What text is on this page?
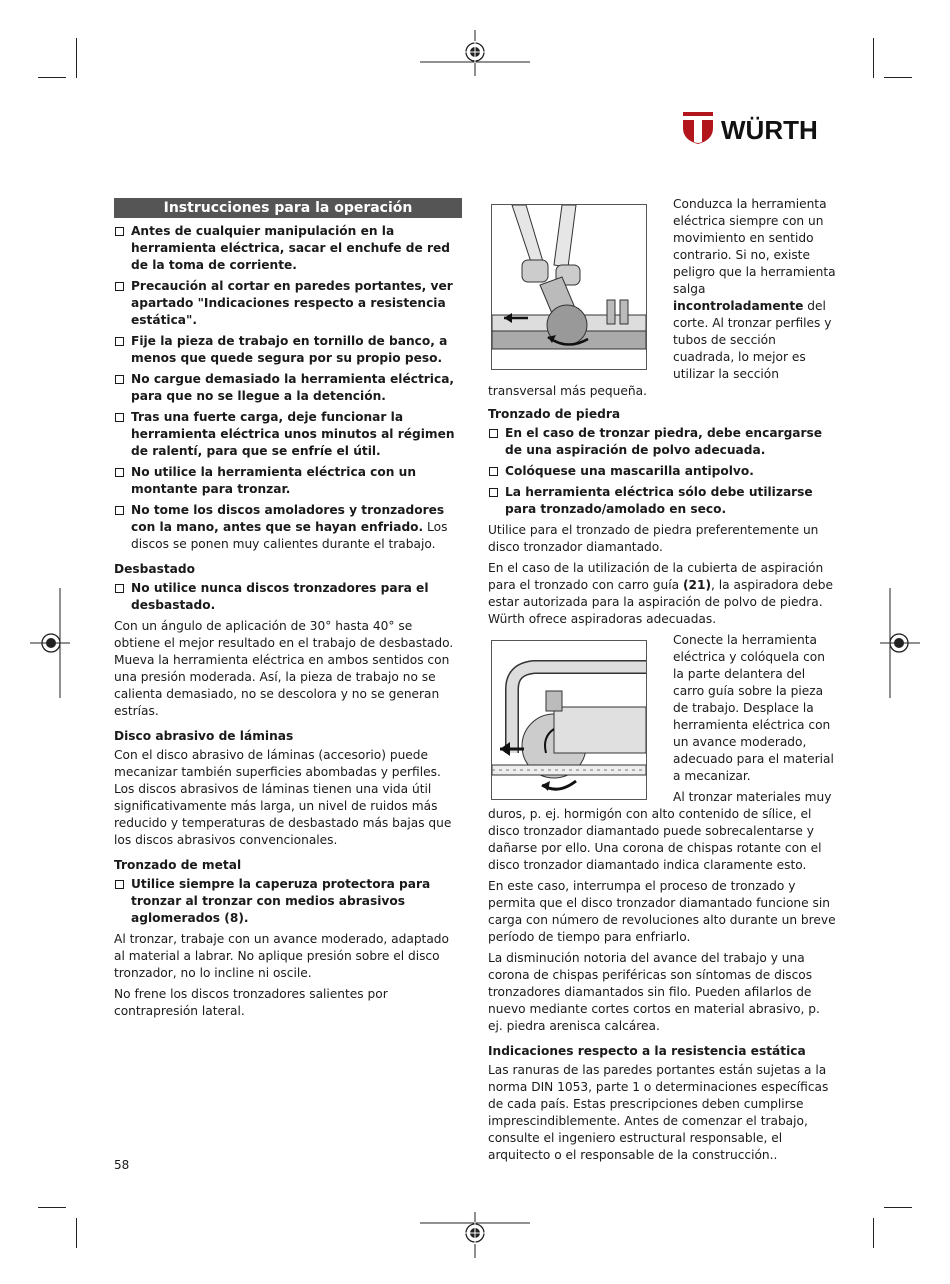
WÜRTH
Instrucciones para la operación
Antes de cualquier manipulación en la herramienta eléctrica, sacar el enchufe de red de la toma de corriente.
Precaución al cortar en paredes portantes, ver apartado "Indicaciones respecto a resistencia estática".
Fije la pieza de trabajo en tornillo de banco, a menos que quede segura por su propio peso.
No cargue demasiado la herramienta eléctrica, para que no se llegue a la detención.
Tras una fuerte carga, deje funcionar la herramienta eléctrica unos minutos al régimen de ralentí, para que se enfríe el útil.
No utilice la herramienta eléctrica con un montante para tronzar.
No tome los discos amoladores y tronzadores con la mano, antes que se hayan enfriado. Los discos se ponen muy calientes durante el trabajo.
Desbastado
No utilice nunca discos tronzadores para el desbastado.
Con un ángulo de aplicación de 30° hasta 40° se obtiene el mejor resultado en el trabajo de desbastado. Mueva la herramienta eléctrica en ambos sentidos con una presión moderada. Así, la pieza de trabajo no se calienta demasiado, no se descolora y no se generan estrías.
Disco abrasivo de láminas
Con el disco abrasivo de láminas (accesorio) puede mecanizar también superficies abombadas y perfiles. Los discos abrasivos de láminas tienen una vida útil significativamente más larga, un nivel de ruidos más reducido y temperaturas de desbastado más bajas que los discos abrasivos convencionales.
Tronzado de metal
Utilice siempre la caperuza protectora para tronzar al tronzar con medios abrasivos aglomerados (8).
Al tronzar, trabaje con un avance moderado, adaptado al material a labrar. No aplique presión sobre el disco tronzador, no lo incline ni oscile.
No frene los discos tronzadores salientes por contrapresión lateral.
Conduzca la herramienta eléctrica siempre con un movimiento en sentido contrario. Si no, existe peligro que la herramienta salga incontroladamente del corte. Al tronzar perfiles y tubos de sección cuadrada, lo mejor es utilizar la sección transversal más pequeña.
Tronzado de piedra
En el caso de tronzar piedra, debe encargarse de una aspiración de polvo adecuada.
Colóquese una mascarilla antipolvo.
La herramienta eléctrica sólo debe utilizarse para tronzado/amolado en seco.
Utilice para el tronzado de piedra preferentemente un disco tronzador diamantado.
En el caso de la utilización de la cubierta de aspiración para el tronzado con carro guía (21), la aspiradora debe estar autorizada para la aspiración de polvo de piedra. Würth ofrece aspiradoras adecuadas.
Conecte la herramienta eléctrica y colóquela con la parte delantera del carro guía sobre la pieza de trabajo. Desplace la herramienta eléctrica con un avance moderado, adecuado para el material a mecanizar.
Al tronzar materiales muy duros, p. ej. hormigón con alto contenido de sílice, el disco tronzador diamantado puede sobrecalentarse y dañarse por ello. Una corona de chispas rotante con el disco tronzador diamantado indica claramente esto.
En este caso, interrumpa el proceso de tronzado y permita que el disco tronzador diamantado funcione sin carga con número de revoluciones alto durante un breve período de tiempo para enfriarlo.
La disminución notoria del avance del trabajo y una corona de chispas periféricas son síntomas de discos tronzadores diamantados sin filo. Pueden afilarlos de nuevo mediante cortes cortos en material abrasivo, p. ej. piedra arenisca calcárea.
Indicaciones respecto a la resistencia estática
Las ranuras de las paredes portantes están sujetas a la norma DIN 1053, parte 1 o determinaciones específicas de cada país. Estas prescripciones deben cumplirse imprescindiblemente. Antes de comenzar el trabajo, consulte el ingeniero estructural responsable, el arquitecto o el responsable de la construcción..
58
